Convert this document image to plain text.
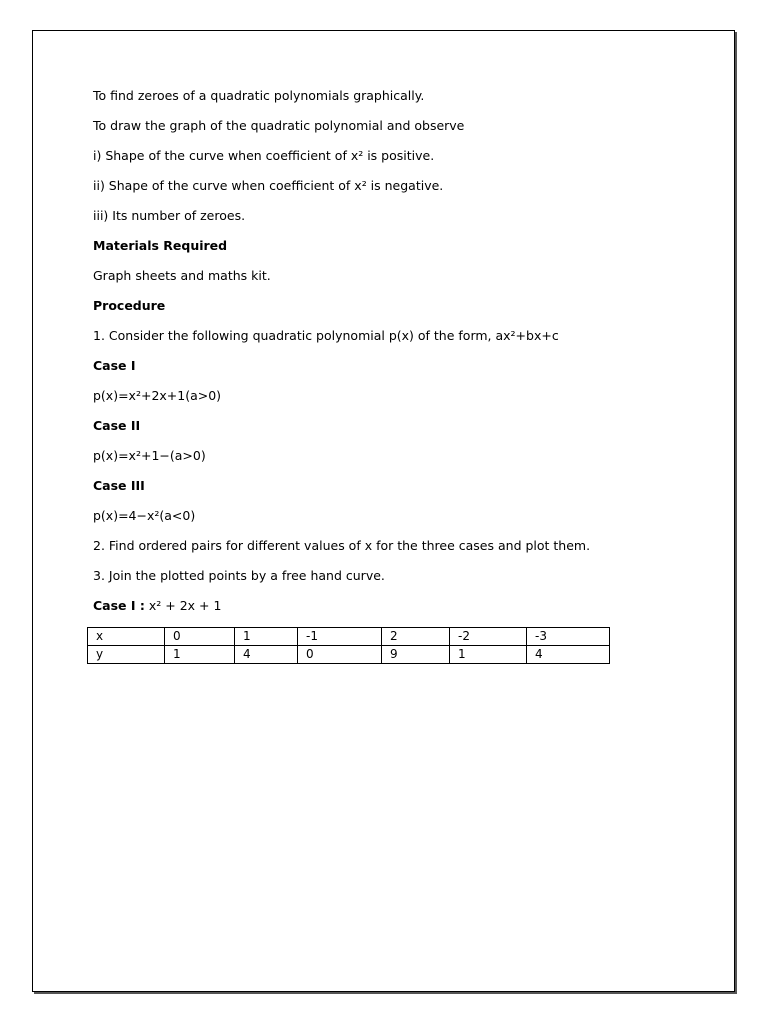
To find zeroes of a quadratic polynomials graphically.

To draw the graph of the quadratic polynomial and observe

i) Shape of the curve when coefficient of x² is positive.

ii) Shape of the curve when coefficient of x² is negative.

iii) Its number of zeroes.

Materials Required

Graph sheets and maths kit.

Procedure

1. Consider the following quadratic polynomial p(x) of the form, ax²+bx+c

Case I

p(x)=x²+2x+1(a>0)

Case II

p(x)=x²+1−(a>0)

Case III

p(x)=4−x²(a<0)

2. Find ordered pairs for different values of x for the three cases and plot them.

3. Join the plotted points by a free hand curve.

Case I : x² + 2x + 1

x	0	1	-1	2	-2	-3
y	1	4	0	9	1	4
